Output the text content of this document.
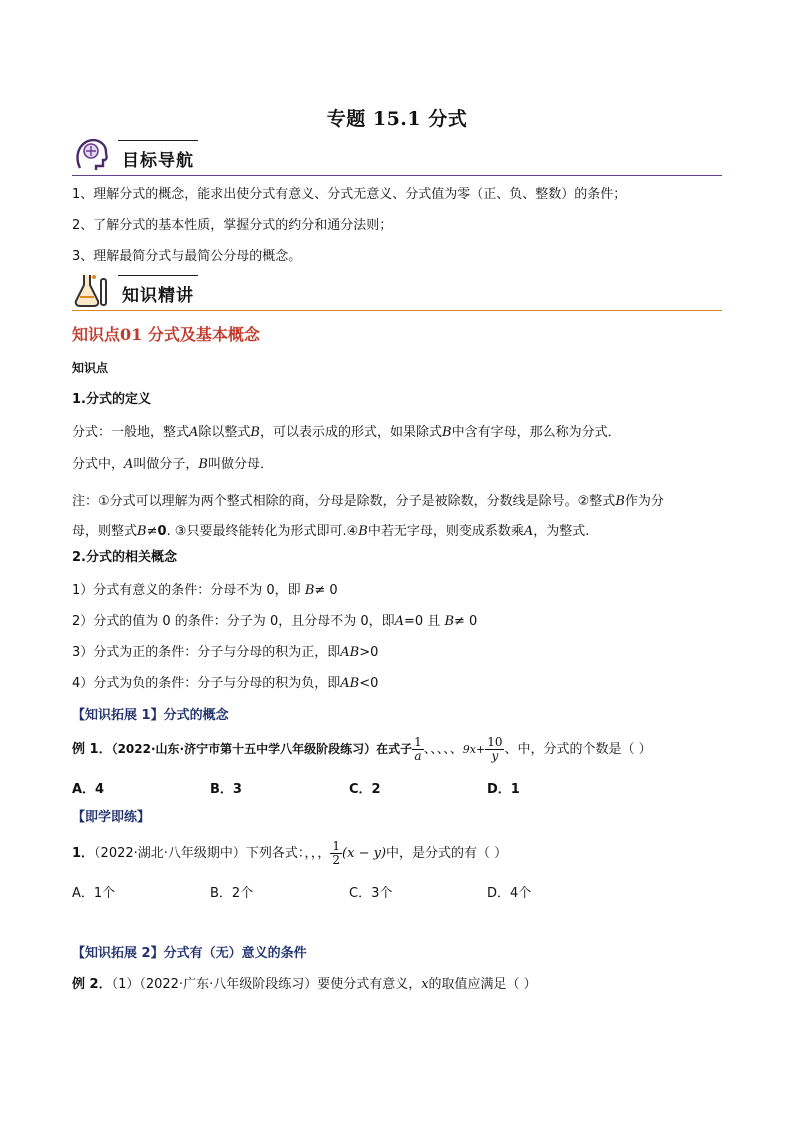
专题 15.1 分式
目标导航
1、理解分式的概念，能求出使分式有意义、分式无意义、分式值为零（正、负、整数）的条件；
2、了解分式的基本性质，掌握分式的约分和通分法则；
3、理解最简分式与最简公分母的概念。
知识精讲
知识点01 分式及基本概念
知识点
1.分式的定义
分式：一般地，整式A除以整式B，可以表示成的形式，如果除式B中含有字母，那么称为分式．
分式中，A叫做分子，B叫做分母．
注：①分式可以理解为两个整式相除的商，分母是除数，分子是被除数，分数线是除号。②整式B作为分
母，则整式B≠0. ③只要最终能转化为形式即可.④B中若无字母，则变成系数乘A，为整式.
2.分式的相关概念
1）分式有意义的条件：分母不为 0，即 B≠ 0
2）分式的值为 0 的条件：分子为 0，且分母不为 0，即A=0 且 B≠ 0
3）分式为正的条件：分子与分母的积为正，即AB>0
4）分式为负的条件：分子与分母的积为负，即AB<0
【知识拓展 1】分式的概念
例 1．（2022·山东·济宁市第十五中学八年级阶段练习）在式子 $\frac{1}{a}$ 、、、、、$9x+ \frac{10}{y}$ 、中，分式的个数是（ ）
A．4	B．3	C．2	D．1
【即学即练】
1．（2022·湖北·八年级期中）下列各式：，，， $\frac{1}{2} (x - y)$中，是分式的有（ ）
A．1个	B．2个	C．3个	D．4个
【知识拓展 2】分式有（无）意义的条件
例 2．（1）（2022·广东·八年级阶段练习）要使分式有意义，x的取值应满足（ ）
